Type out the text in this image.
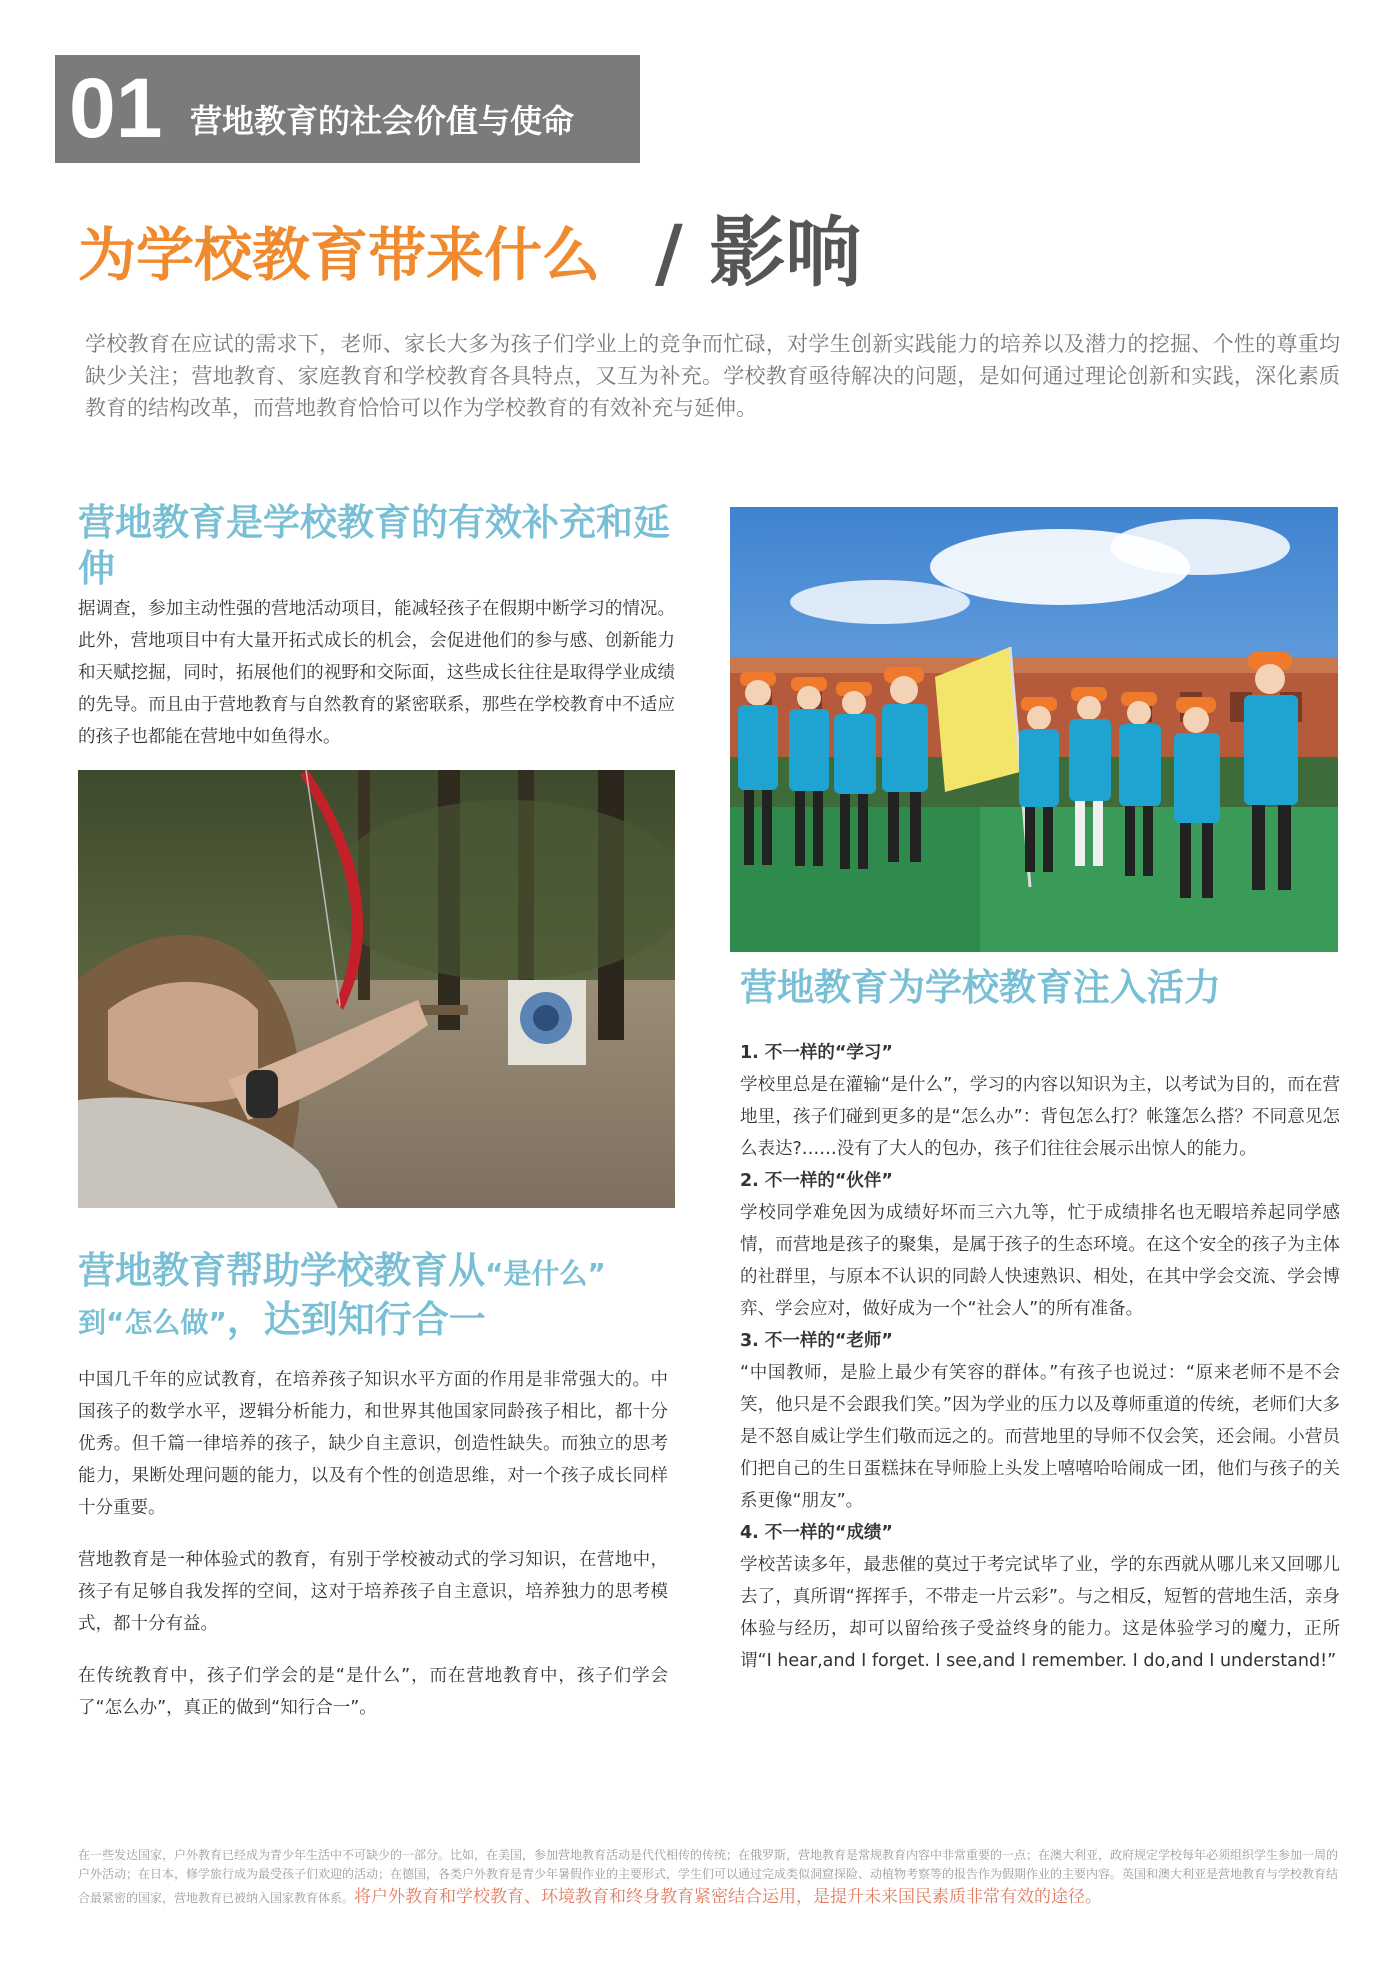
01 营地教育的社会价值与使命
为学校教育带来什么 / 影响
学校教育在应试的需求下，老师、家长大多为孩子们学业上的竞争而忙碌，对学生创新实践能力的培养以及潜力的挖掘、个性的尊重均缺少关注；营地教育、家庭教育和学校教育各具特点，又互为补充。学校教育亟待解决的问题，是如何通过理论创新和实践，深化素质教育的结构改革，而营地教育恰恰可以作为学校教育的有效补充与延伸。
营地教育是学校教育的有效补充和延伸
据调查，参加主动性强的营地活动项目，能减轻孩子在假期中断学习的情况。此外，营地项目中有大量开拓式成长的机会，会促进他们的参与感、创新能力和天赋挖掘，同时，拓展他们的视野和交际面，这些成长往往是取得学业成绩的先导。而且由于营地教育与自然教育的紧密联系，那些在学校教育中不适应的孩子也都能在营地中如鱼得水。
营地教育帮助学校教育从“是什么”
到“怎么做”，达到知行合一

中国几千年的应试教育，在培养孩子知识水平方面的作用是非常强大的。中国孩子的数学水平，逻辑分析能力，和世界其他国家同龄孩子相比，都十分优秀。但千篇一律培养的孩子，缺少自主意识，创造性缺失。而独立的思考能力，果断处理问题的能力，以及有个性的创造思维，对一个孩子成长同样十分重要。

营地教育是一种体验式的教育，有别于学校被动式的学习知识，在营地中，孩子有足够自我发挥的空间，这对于培养孩子自主意识，培养独力的思考模式，都十分有益。

在传统教育中，孩子们学会的是“是什么”，而在营地教育中，孩子们学会了“怎么办”，真正的做到“知行合一”。

营地教育为学校教育注入活力
1. 不一样的“学习”
学校里总是在灌输“是什么”，学习的内容以知识为主，以考试为目的，而在营地里，孩子们碰到更多的是“怎么办”：背包怎么打？帐篷怎么搭？不同意见怎么表达?……没有了大人的包办，孩子们往往会展示出惊人的能力。
2. 不一样的“伙伴”
学校同学难免因为成绩好坏而三六九等，忙于成绩排名也无暇培养起同学感情，而营地是孩子的聚集，是属于孩子的生态环境。在这个安全的孩子为主体的社群里，与原本不认识的同龄人快速熟识、相处，在其中学会交流、学会博弈、学会应对，做好成为一个“社会人”的所有准备。
3. 不一样的“老师”
“中国教师，是脸上最少有笑容的群体。”有孩子也说过：“原来老师不是不会笑，他只是不会跟我们笑。”因为学业的压力以及尊师重道的传统，老师们大多是不怒自威让学生们敬而远之的。而营地里的导师不仅会笑，还会闹。小营员们把自己的生日蛋糕抹在导师脸上头发上嘻嘻哈哈闹成一团，他们与孩子的关系更像“朋友”。
4. 不一样的“成绩”
学校苦读多年，最悲催的莫过于考完试毕了业，学的东西就从哪儿来又回哪儿去了，真所谓“挥挥手，不带走一片云彩”。与之相反，短暂的营地生活，亲身体验与经历，却可以留给孩子受益终身的能力。这是体验学习的魔力，正所谓“I hear,and I forget. I see,and I remember. I do,and I understand!”
在一些发达国家，户外教育已经成为青少年生活中不可缺少的一部分。比如，在美国，参加营地教育活动是代代相传的传统；在俄罗斯，营地教育是常规教育内容中非常重要的一点；在澳大利亚，政府规定学校每年必须组织学生参加一周的户外活动；在日本，修学旅行成为最受孩子们欢迎的活动；在德国，各类户外教育是青少年暑假作业的主要形式，学生们可以通过完成类似洞窟探险、动植物考察等的报告作为假期作业的主要内容。英国和澳大利亚是营地教育与学校教育结合最紧密的国家，营地教育已被纳入国家教育体系。将户外教育和学校教育、环境教育和终身教育紧密结合运用，是提升未来国民素质非常有效的途径。
